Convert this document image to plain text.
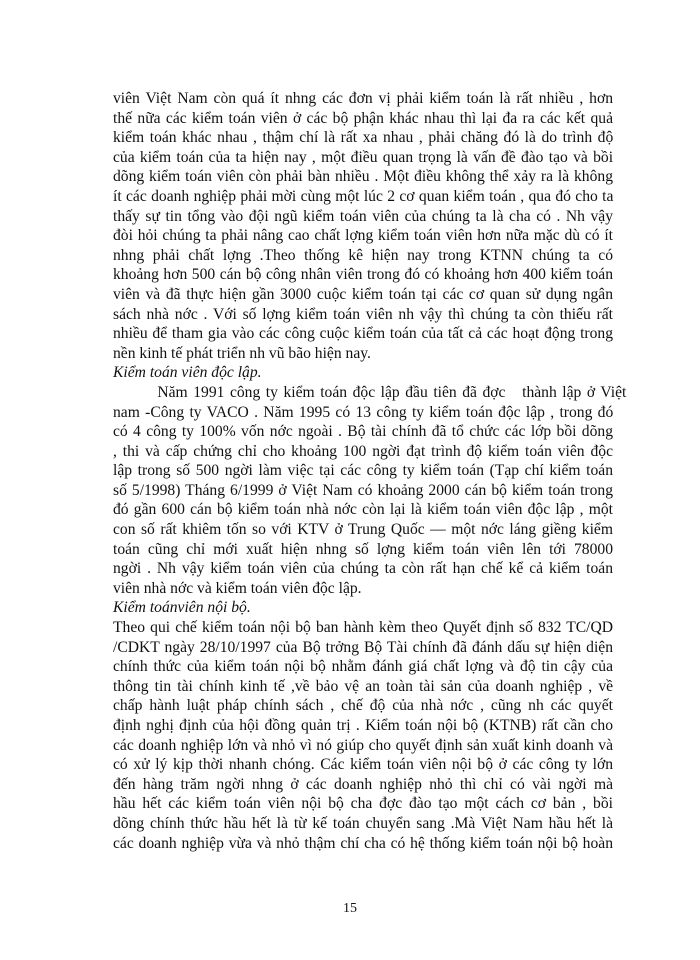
viên Việt Nam còn quá ít nhng các đơn vị phải kiểm toán là rất nhiều , hơn
thế nữa các kiểm toán viên ở các bộ phận khác nhau thì lại đa ra các kết quả
kiểm toán khác nhau , thậm chí là rất xa nhau , phải chăng đó là do trình độ
của kiểm toán của ta hiện nay , một điều quan trọng là vấn đề đào tạo và bồi
dõng kiểm toán viên còn phải bàn nhiều . Một điều không thể xảy ra là không
ít các doanh nghiệp phải mời cùng một lúc 2 cơ quan kiểm toán , qua đó cho ta
thấy sự tin tổng vào đội ngũ kiểm toán viên của chúng ta là cha có . Nh vậy
đòi hỏi chúng ta phải nâng cao chất lợng kiểm toán viên hơn nữa mặc dù có ít
nhng phải chất lợng .Theo thống kê hiện nay trong KTNN chúng ta có
khoảng hơn 500 cán bộ công nhân viên trong đó có khoảng hơn 400 kiểm toán
viên và đã thực hiện gần 3000 cuộc kiểm toán tại các cơ quan sử dụng ngân
sách nhà nớc . Với số lợng kiểm toán viên nh vậy thì chúng ta còn thiếu rất
nhiều để tham gia vào các công cuộc kiểm toán của tất cả các hoạt động trong
nền kinh tế phát triển nh vũ bão hiện nay.
Kiểm toán viên độc lập.
Năm 1991 công ty kiểm toán độc lập đầu tiên đã đợc   thành lập ở Việt
nam -Công ty VACO . Năm 1995 có 13 công ty kiểm toán độc lập , trong đó
có 4 công ty 100% vốn nớc ngoài . Bộ tài chính đã tổ chức các lớp bồi dõng
, thi và cấp chứng chỉ cho khoảng 100 ngời đạt trình độ kiểm toán viên độc
lập trong số 500 ngời làm việc tại các công ty kiểm toán (Tạp chí kiểm toán
số 5/1998) Tháng 6/1999 ở Việt Nam có khoảng 2000 cán bộ kiểm toán trong
đó gần 600 cán bộ kiểm toán nhà nớc còn lại là kiểm toán viên độc lập , một
con số rất khiêm tốn so với KTV ở Trung Quốc — một nớc láng giềng kiểm
toán cũng chỉ mới xuất hiện nhng số lợng kiểm toán viên lên tới 78000
ngời . Nh vậy kiểm toán viên của chúng ta còn rất hạn chế kể cả kiểm toán
viên nhà nớc và kiểm toán viên độc lập.
Kiểm toánviên nội bộ.
Theo qui chế kiểm toán nội bộ ban hành kèm theo Quyết định số 832 TC/QD
/CDKT ngày 28/10/1997 của Bộ trởng Bộ Tài chính đã đánh dấu sự hiện diện
chính thức của kiểm toán nội bộ nhằm đánh giá chất lợng và độ tin cậy của
thông tin tài chính kinh tế ,về bảo vệ an toàn tài sản của doanh nghiệp , về
chấp hành luật pháp chính sách , chế độ của nhà nớc , cũng nh các quyết
định nghị định của hội đồng quản trị . Kiểm toán nội bộ (KTNB) rất cần cho
các doanh nghiệp lớn và nhỏ vì nó giúp cho quyết định sản xuất kinh doanh và
có xử lý kịp thời nhanh chóng. Các kiểm toán viên nội bộ ở các công ty lớn
đến hàng trăm ngời nhng ở các doanh nghiệp nhỏ thì chỉ có vài ngời mà
hầu hết các kiểm toán viên nội bộ cha đợc đào tạo một cách cơ bản , bồi
dõng chính thức hầu hết là từ kế toán chuyển sang .Mà Việt Nam hầu hết là
các doanh nghiệp vừa và nhỏ thậm chí cha có hệ thống kiểm toán nội bộ hoàn
15
